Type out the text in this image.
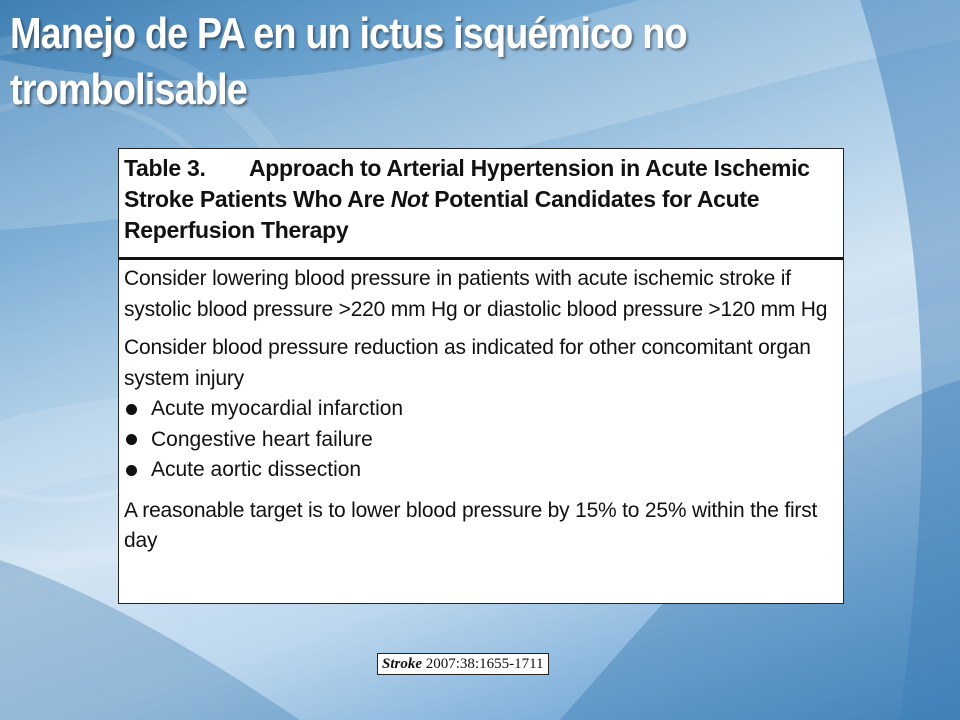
Manejo de PA en un ictus isquémico no trombolisable
Table 3. Approach to Arterial Hypertension in Acute Ischemic Stroke Patients Who Are Not Potential Candidates for Acute Reperfusion Therapy

Consider lowering blood pressure in patients with acute ischemic stroke if systolic blood pressure >220 mm Hg or diastolic blood pressure >120 mm Hg

Consider blood pressure reduction as indicated for other concomitant organ system injury

Acute myocardial infarction
Congestive heart failure
Acute aortic dissection

A reasonable target is to lower blood pressure by 15% to 25% within the first day

Stroke 2007:38:1655-1711
